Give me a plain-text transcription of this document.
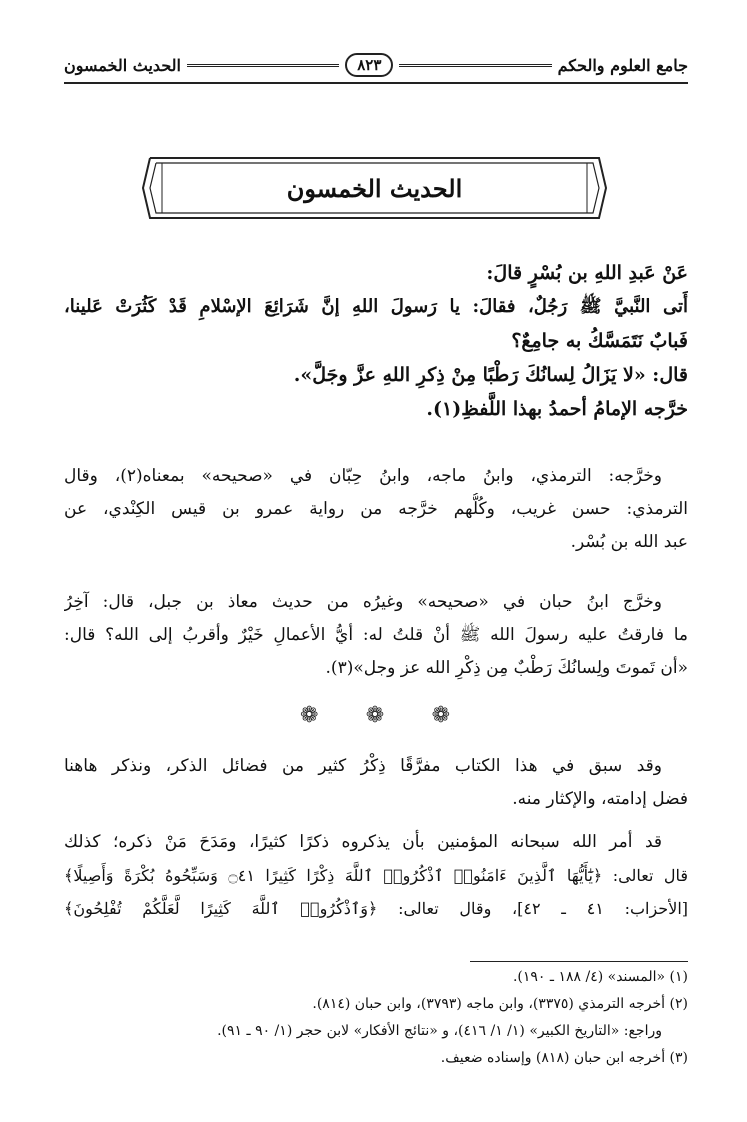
جامع العلوم والحكم
٨٢٣
الحديث الخمسون
الحديث الخمسون
عَنْ عَبدِ اللهِ بن بُسْرٍ قالَ:
أَتى النَّبيَّ ﷺ رَجُلٌ، فقالَ: يا رَسولَ اللهِ إنَّ شَرَائِعَ الإسْلامِ قَدْ كَثُرَتْ عَلينا،
فَبابٌ نَتَمَسَّكُ به جامِعٌ؟
قال: «لا يَزَالُ لِسانُكَ رَطْبًا مِنْ ذِكرِ اللهِ عزَّ وجَلَّ».
خرَّجه الإمامُ أحمدُ بهذا اللَّفظِ(١).
وخرَّجه: الترمذي، وابنُ ماجه، وابنُ حِبّان في «صحيحه» بمعناه(٢)، وقال
الترمذي: حسن غريب، وكُلُّهم خرَّجه من رواية عمرو بن قيس الكِنْدي، عن
عبد الله بن بُسْر.
وخرَّج ابنُ حبان في «صحيحه» وغيرُه من حديث معاذ بن جبل، قال: آخِرُ
ما فارقتُ عليه رسولَ الله ﷺ أنْ قلتُ له: أيُّ الأعمالِ خَيْرٌ وأقربُ إلى الله؟ قال:
«أن تَموتَ ولِسانُكَ رَطْبٌ مِن ذِكْرِ الله عز وجل»(٣).
❁
❁
❁
وقد سبق في هذا الكتاب مفرَّقًا ذِكْرُ كثير من فضائل الذكر، ونذكر هاهنا
فضل إدامته، والإكثار منه.
قد أمر الله سبحانه المؤمنين بأن يذكروه ذكرًا كثيرًا، ومَدَحَ مَنْ ذكره؛ كذلك
قال تعالى: ﴿يَٰٓأَيُّهَا ٱلَّذِينَ ءَامَنُوا۟ ٱذْكُرُوا۟ ٱللَّهَ ذِكْرًا كَثِيرًا ۝٤١ وَسَبِّحُوهُ بُكْرَةً وَأَصِيلًا﴾
[الأحزاب: ٤١ ـ ٤٢]، وقال تعالى: ﴿وَٱذْكُرُوا۟ ٱللَّهَ كَثِيرًا لَّعَلَّكُمْ تُفْلِحُونَ﴾
(١) «المسند» (٤/ ١٨٨ ـ ١٩٠).
(٢) أخرجه الترمذي (٣٣٧٥)، وابن ماجه (٣٧٩٣)، وابن حبان (٨١٤).
وراجع: «التاريخ الكبير» (١/ ١/ ٤١٦)، و «نتائج الأفكار» لابن حجر (١/ ٩٠ ـ ٩١).
(٣) أخرجه ابن حبان (٨١٨) وإسناده ضعيف.
